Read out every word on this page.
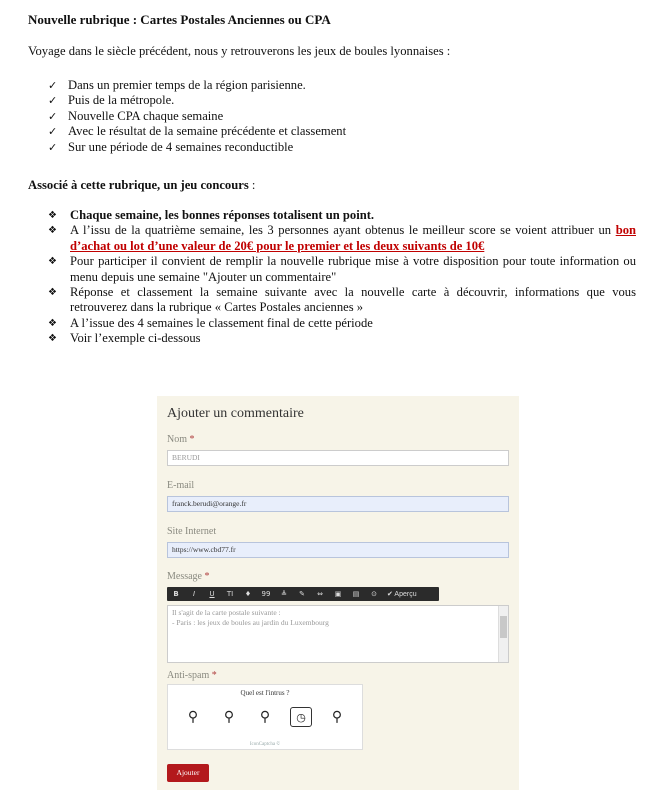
Nouvelle rubrique : Cartes Postales Anciennes ou CPA
Voyage dans le siècle précédent, nous y retrouverons les jeux de boules lyonnaises :
✓ Dans un premier temps de la région parisienne.
✓ Puis de la métropole.
✓ Nouvelle CPA chaque semaine
✓ Avec le résultat de la semaine précédente et classement
✓ Sur une période de 4 semaines reconductible
Associé à cette rubrique, un jeu concours :
❖ Chaque semaine, les bonnes réponses totalisent un point.
❖ A l’issu de la quatrième semaine, les 3 personnes ayant obtenus le meilleur score se voient attribuer un bon d’achat ou lot d’une valeur de 20€ pour le premier et les deux suivants de 10€
❖ Pour participer il convient de remplir la nouvelle rubrique mise à votre disposition pour toute information ou menu depuis une semaine "Ajouter un commentaire"
❖ Réponse et classement la semaine suivante avec la nouvelle carte à découvrir, informations que vous retrouverez dans la rubrique « Cartes Postales anciennes »
❖ A l’issue des 4 semaines le classement final de cette période
❖ Voir l’exemple ci-dessous
Ajouter un commentaire
Nom *
BERUDI
E-mail
franck.berudi@orange.fr
Site Internet
https://www.cbd77.fr
Message *
B	I	U	TI	♦	99	≜	✎	⇔	▣	▤	⊙	✔ Aperçu
Il s'agit de la carte postale suivante :
- Paris : les jeux de boules au jardin du Luxembourg
Anti-spam *
Quel est l'intrus ?
⚲	⚲	⚲	◷	⚲
IconCaptcha ©
Ajouter
